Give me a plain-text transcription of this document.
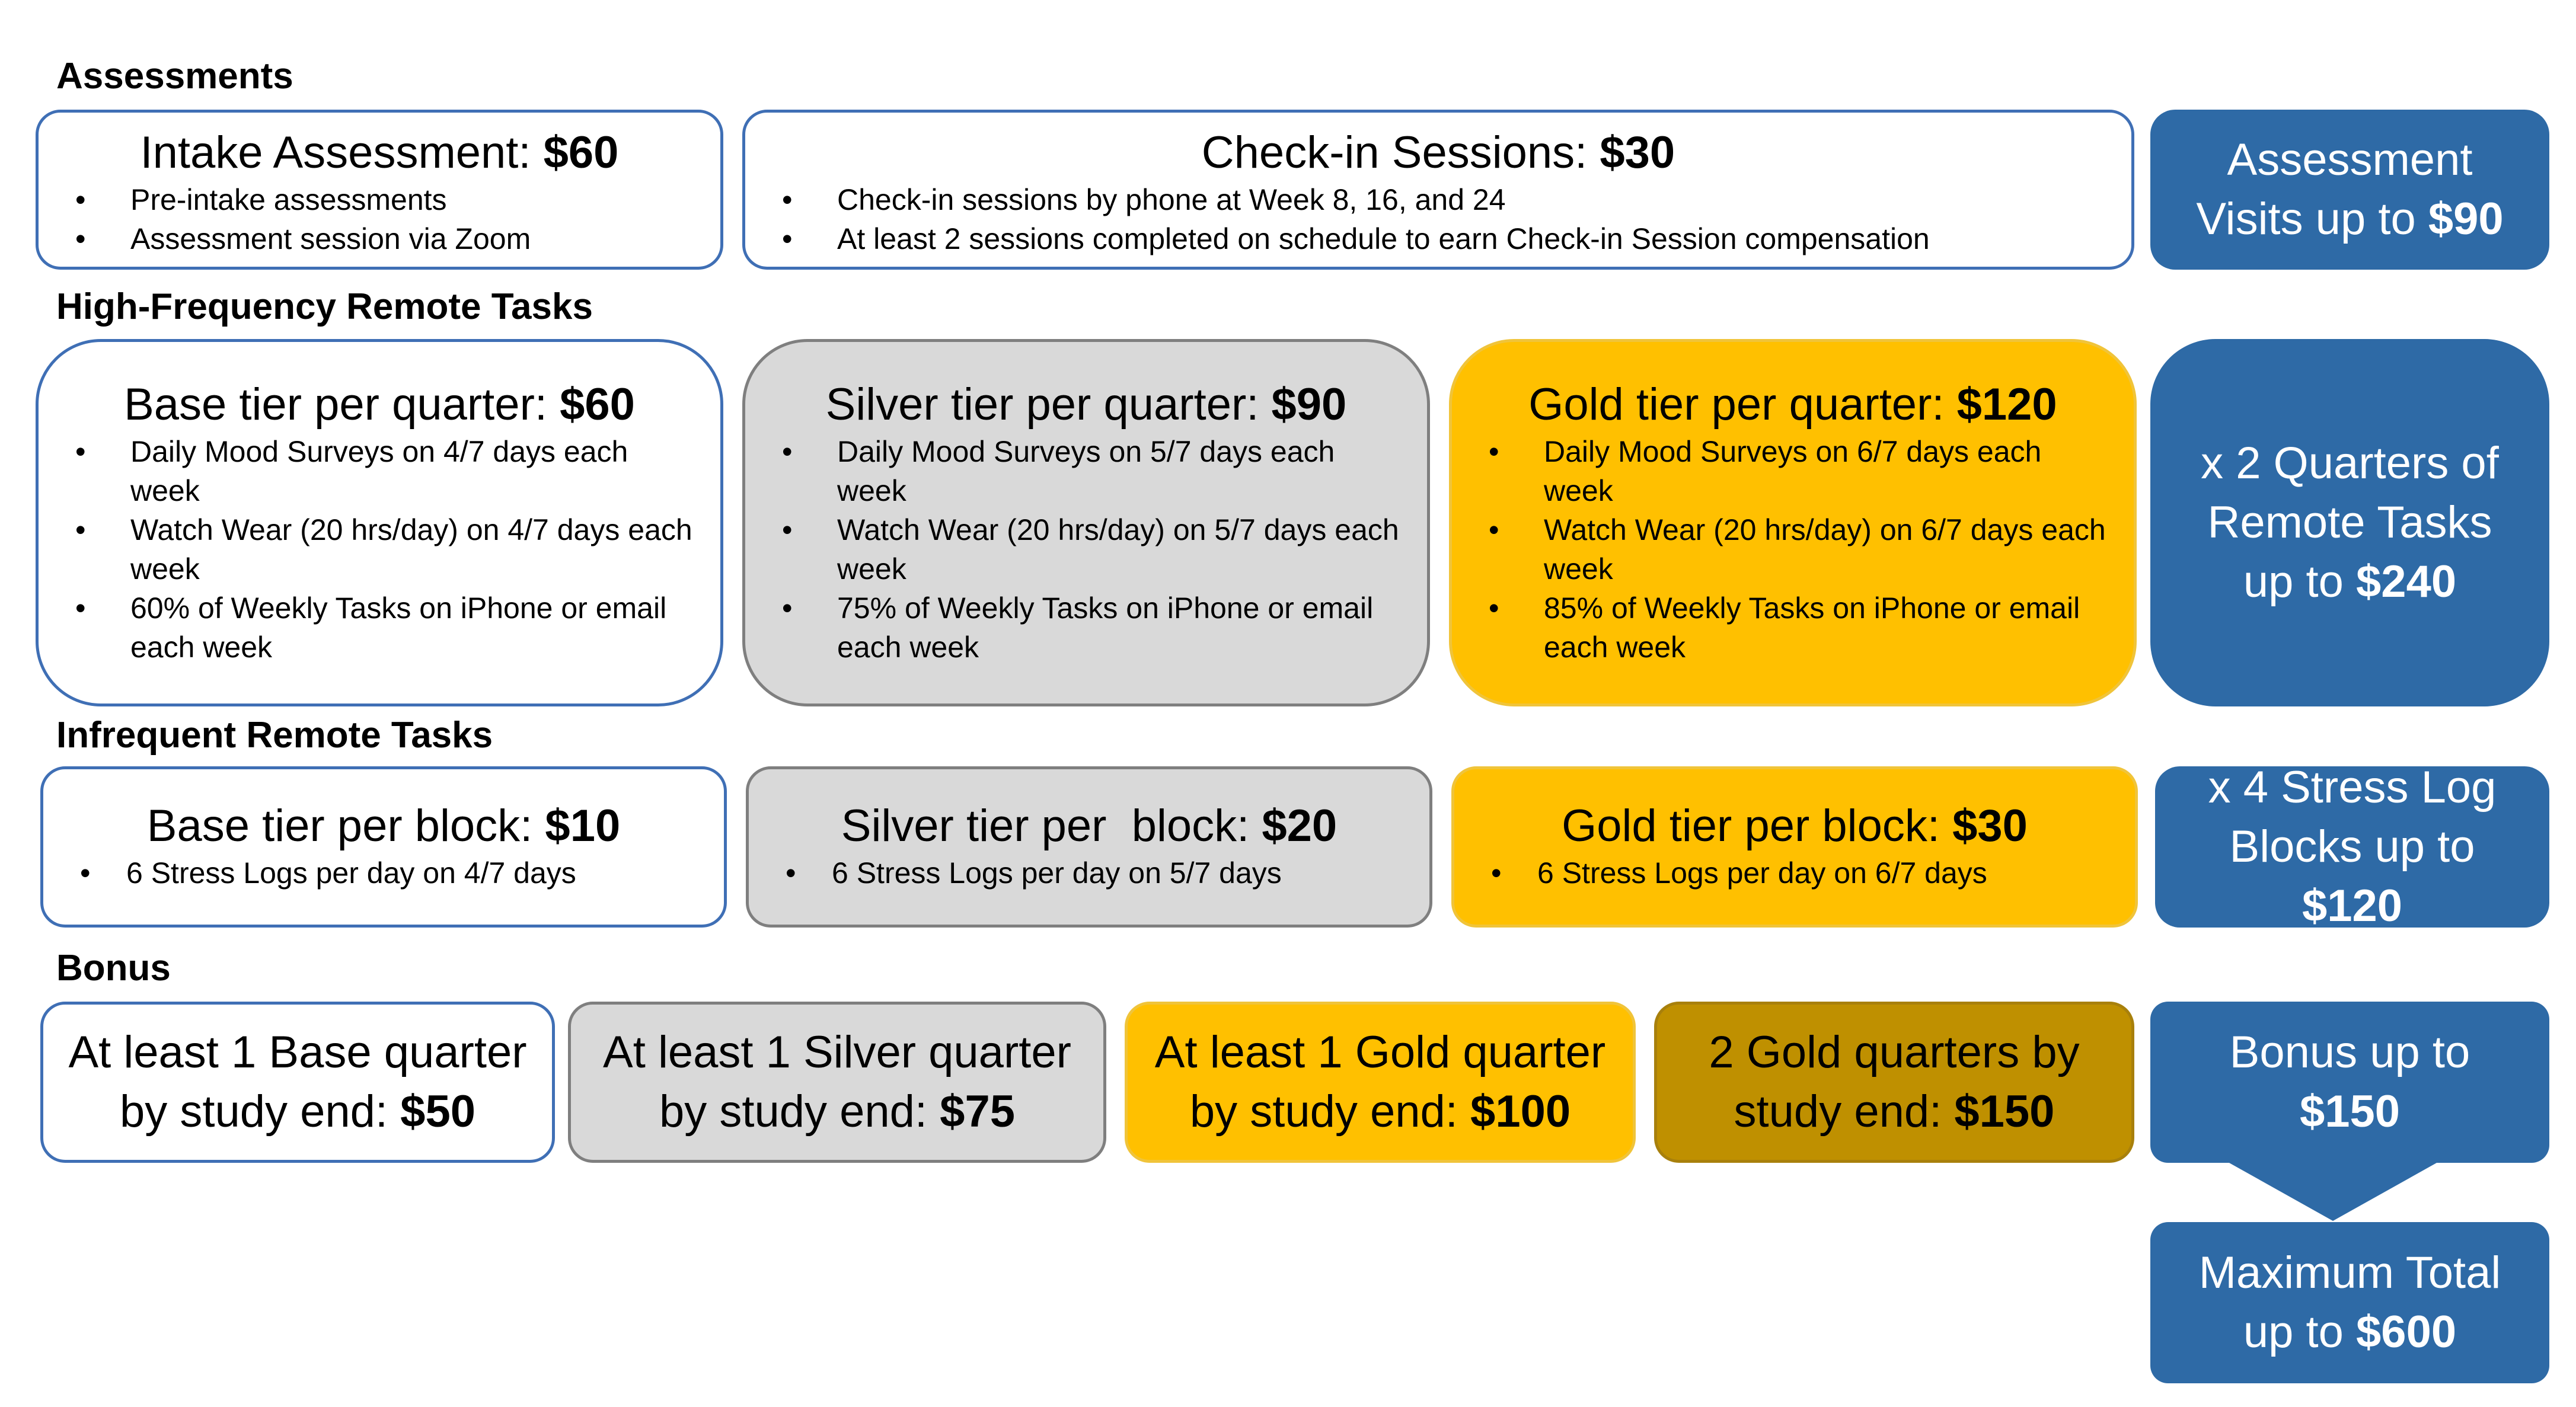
Assessments
Intake Assessment: $60
• Pre-intake assessments
• Assessment session via Zoom
Check-in Sessions: $30
• Check-in sessions by phone at Week 8, 16, and 24
• At least 2 sessions completed on schedule to earn Check-in Session compensation
Assessment
Visits up to $90
High-Frequency Remote Tasks
Base tier per quarter: $60
• Daily Mood Surveys on 4/7 days each week
• Watch Wear (20 hrs/day) on 4/7 days each week
• 60% of Weekly Tasks on iPhone or email each week
Silver tier per quarter: $90
• Daily Mood Surveys on 5/7 days each week
• Watch Wear (20 hrs/day) on 5/7 days each week
• 75% of Weekly Tasks on iPhone or email each week
Gold tier per quarter: $120
• Daily Mood Surveys on 6/7 days each week
• Watch Wear (20 hrs/day) on 6/7 days each week
• 85% of Weekly Tasks on iPhone or email each week
x 2 Quarters of
Remote Tasks
up to $240
Infrequent Remote Tasks
Base tier per block: $10
• 6 Stress Logs per day on 4/7 days
Silver tier per  block: $20
• 6 Stress Logs per day on 5/7 days
Gold tier per block: $30
• 6 Stress Logs per day on 6/7 days
x 4 Stress Log
Blocks up to
$120
Bonus
At least 1 Base quarter
by study end: $50
At least 1 Silver quarter
by study end: $75
At least 1 Gold quarter
by study end: $100
2 Gold quarters by
study end: $150
Bonus up to
$150
Maximum Total
up to $600
